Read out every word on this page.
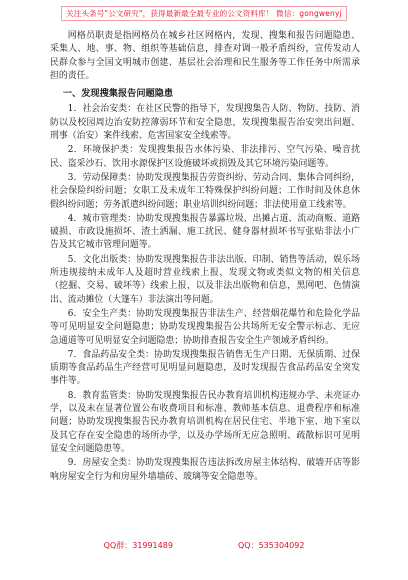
关注头条号"公文研究"，获得最新最全最专业的公文资料库！ 微信：gongwenyj

网格员职责是指网格员在城乡社区网格内，发现、搜集和报告问题隐患、采集人、地、事、物、组织等基础信息，排查对调一般矛盾纠纷，宣传发动人民群众参与全国文明城市创建、基层社会治理和民生服务等工作任务中所需承担的责任。

一、发现搜集报告问题隐患

1．社会治安类：在社区民警的指导下，发现搜集告人防、物防、技防、消防以及校园周边治安防控薄弱环节和安全隐患，发现搜集报告治安突出问题、刑事（治安）案件线索、危害国家安全线索等。

2．环境保护类：发现搜集报告水体污染、非法排污、空气污染、噪音扰民、盗采沙石、饮用水源保护区设施破坏或损毁及其它环境污染问题等。

3．劳动保障类：协助发现搜集报告劳资纠纷、劳动合同、集体合同纠纷，社会保险纠纷问题；女职工及未成年工特殊保护纠纷问题；工作时间及休息休假纠纷问题；劳务派遣纠纷问题；职业培训纠纷问题；非法使用童工线索等。

4．城市管理类：协助发现搜集报告暴露垃圾、出摊占道、流动商贩、道路破损、市政设施损坏、渣土洒漏、施工扰民、健身器材损坏书写张贴非法小广告及其它城市管理问题等。

5．文化出版类：协助发现搜集报告非法出版、印制、销售等活动，娱乐场所违规接纳未成年人及超时营业线索上报，发现文物或类似文物的相关信息（挖掘、交易、破坏等）线索上报，以及非法出版物和信息，黑网吧、色情演出、流动摊位（大篷车）非法演出等问题。

6．安全生产类：协助发现搜集报告非法生产、经营烟花爆竹和危险化学品等可见明显安全问题隐患；协助发现搜集报告公共场所无安全警示标志、无应急通道等可见明显安全问题隐患；协助排查报告安全生产领域矛盾纠纷。

7．食品药品安全类：协助发现搜集报告销售无生产日期、无保质期、过保质期等食品药品生产经营可见明显问题隐患，及时发现报告食品药品安全突发事件等。

8．教育监管类：协助发现搜集报告民办教育培训机构违规办学、未亮证办学，以及未在显著位置公布收费项目和标准、教师基本信息、退费程序和标准问题；协助发现搜集报告民办教育培训机构在居民住宅、半地下室、地下室以及其它存在安全隐患的场所办学，以及办学场所无应急照明、疏散标识可见明显安全问题隐患等。

9．房屋安全类：协助发现搜集报告违法拆改房屋主体结构、破墙开店等影响房屋安全行为和房屋外墙墙砖、玻璃等安全隐患等。

QQ群：31991489	QQ：535304092
